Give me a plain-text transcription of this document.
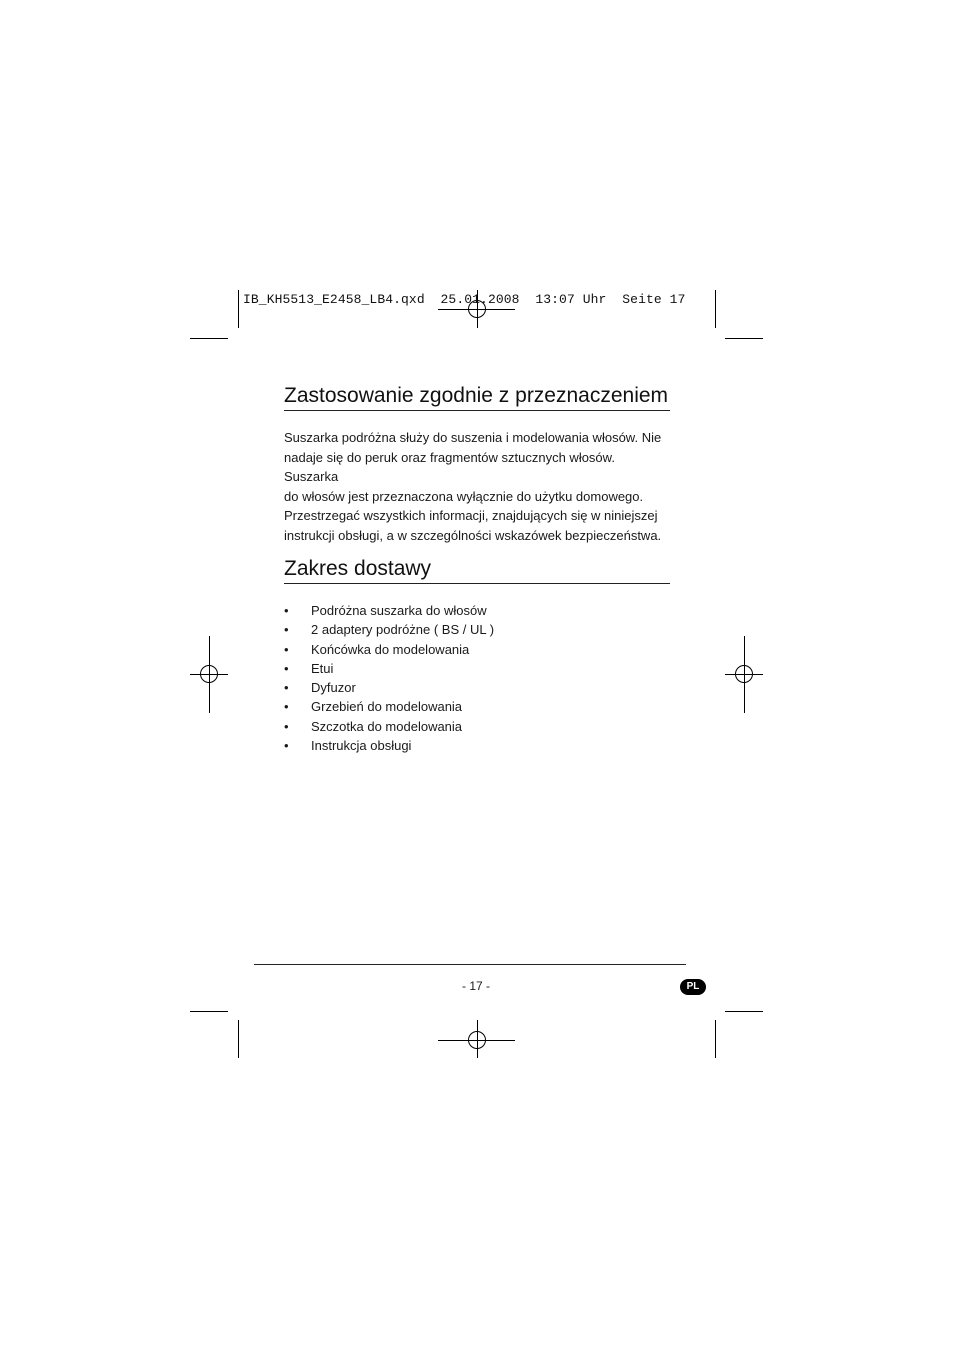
IB_KH5513_E2458_LB4.qxd  25.01.2008  13:07 Uhr  Seite 17
Zastosowanie zgodnie z przeznaczeniem

Suszarka podróżna służy do suszenia i modelowania włosów. Nie
nadaje się do peruk oraz fragmentów sztucznych włosów. Suszarka
do włosów jest przeznaczona wyłącznie do użytku domowego.
Przestrzegać wszystkich informacji, znajdujących się w niniejszej
instrukcji obsługi, a w szczególności wskazówek bezpieczeństwa.

Zakres dostawy
• Podróżna suszarka do włosów
• 2 adaptery podróżne ( BS / UL )
• Końcówka do modelowania
• Etui
• Dyfuzor
• Grzebień do modelowania
• Szczotka do modelowania
• Instrukcja obsługi
- 17 -	PL
